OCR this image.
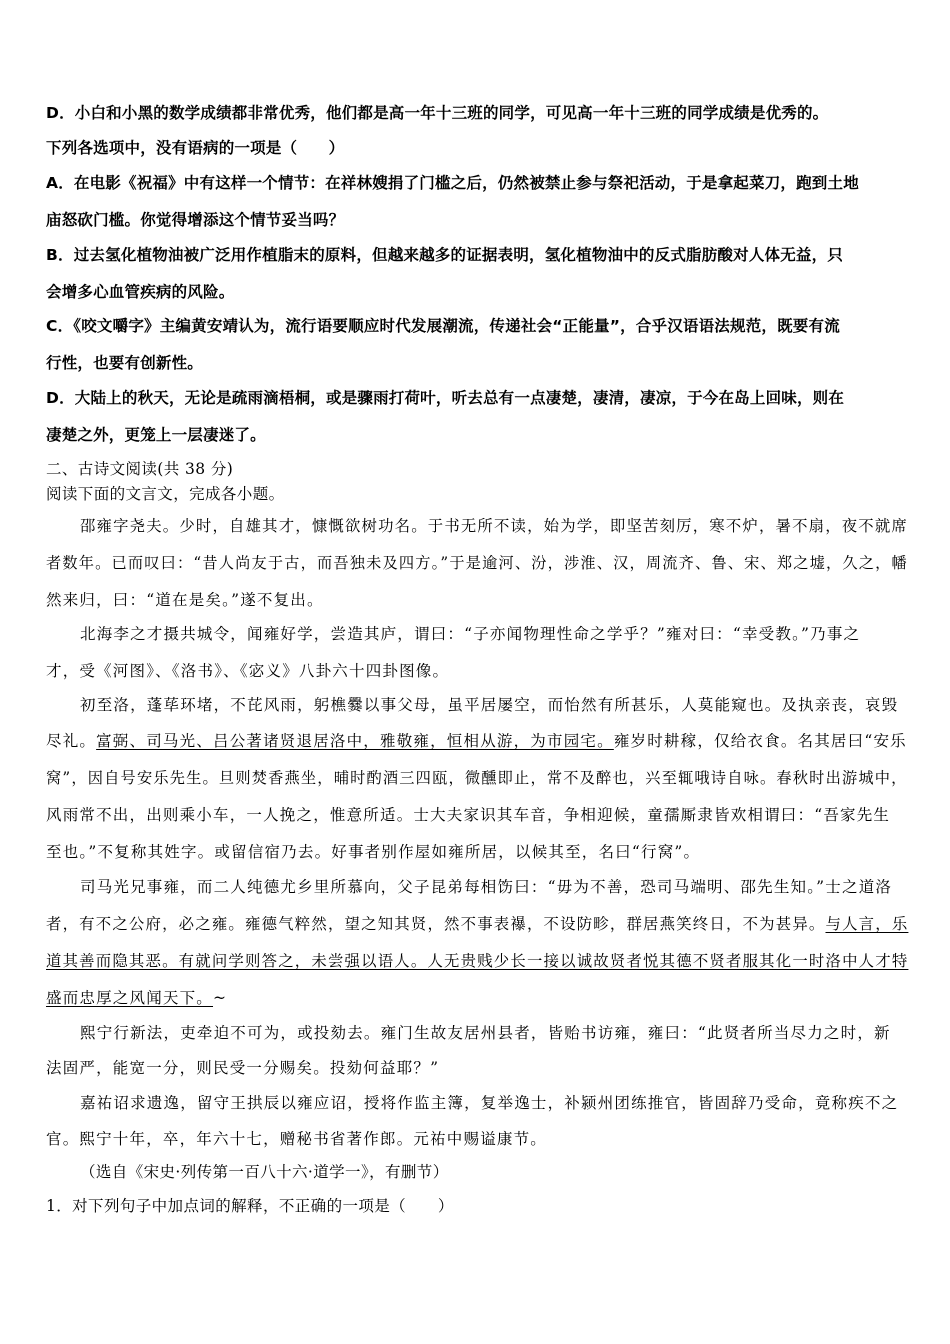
D．小白和小黑的数学成绩都非常优秀，他们都是高一年十三班的同学，可见高一年十三班的同学成绩是优秀的。
下列各选项中，没有语病的一项是（　　）
A．在电影《祝福》中有这样一个情节：在祥林嫂捐了门槛之后，仍然被禁止参与祭祀活动，于是拿起菜刀，跑到土地
庙怒砍门槛。你觉得增添这个情节妥当吗？
B．过去氢化植物油被广泛用作植脂末的原料，但越来越多的证据表明，氢化植物油中的反式脂肪酸对人体无益，只
会增多心血管疾病的风险。
C．《咬文嚼字》主编黄安靖认为，流行语要顺应时代发展潮流，传递社会“正能量”，合乎汉语语法规范，既要有流
行性，也要有创新性。
D．大陆上的秋天，无论是疏雨滴梧桐，或是骤雨打荷叶，听去总有一点凄楚，凄清，凄凉，于今在岛上回味，则在
凄楚之外，更笼上一层凄迷了。
二、古诗文阅读(共 38 分)
阅读下面的文言文，完成各小题。
邵雍字尧夫。少时，自雄其才，慷慨欲树功名。于书无所不读，始为学，即坚苦刻厉，寒不炉，暑不扇，夜不就席
者数年。已而叹曰：“昔人尚友于古，而吾独未及四方。”于是逾河、汾，涉淮、汉，周流齐、鲁、宋、郑之墟，久之，幡
然来归，曰：“道在是矣。”遂不复出。
北海李之才摄共城令，闻雍好学，尝造其庐，谓曰：“子亦闻物理性命之学乎？”雍对曰：“幸受教。”乃事之
才，受《河图》、《洛书》、《宓义》八卦六十四卦图像。
初至洛，蓬荜环堵，不芘风雨，躬樵爨以事父母，虽平居屡空，而怡然有所甚乐，人莫能窥也。及执亲丧，哀毁
尽礼。富弼、司马光、吕公著诸贤退居洛中，雅敬雍，恒相从游，为市园宅。雍岁时耕稼，仅给衣食。名其居曰“安乐
窝”，因自号安乐先生。旦则焚香燕坐，晡时酌酒三四瓯，微醺即止，常不及醉也，兴至辄哦诗自咏。春秋时出游城中，
风雨常不出，出则乘小车，一人挽之，惟意所适。士大夫家识其车音，争相迎候，童孺厮隶皆欢相谓曰：“吾家先生
至也。”不复称其姓字。或留信宿乃去。好事者别作屋如雍所居，以候其至，名曰“行窝”。
司马光兄事雍，而二人纯德尤乡里所慕向，父子昆弟每相饬曰：“毋为不善，恐司马端明、邵先生知。”士之道洛
者，有不之公府，必之雍。雍德气粹然，望之知其贤，然不事表襮，不设防畛，群居燕笑终日，不为甚异。与人言，乐
道其善而隐其恶。有就问学则答之，未尝强以语人。人无贵贱少长一接以诚故贤者悦其德不贤者服其化一时洛中人才特
盛而忠厚之风闻天下。~
熙宁行新法，吏牵迫不可为，或投劾去。雍门生故友居州县者，皆贻书访雍，雍曰：“此贤者所当尽力之时，新
法固严，能宽一分，则民受一分赐矣。投劾何益耶？”
嘉祐诏求遗逸，留守王拱辰以雍应诏，授将作监主簿，复举逸士，补颍州团练推官，皆固辞乃受命，竟称疾不之
官。熙宁十年，卒，年六十七，赠秘书省著作郎。元祐中赐谥康节。
（选自《宋史·列传第一百八十六·道学一》，有删节）
1．对下列句子中加点词的解释，不正确的一项是（　　）
